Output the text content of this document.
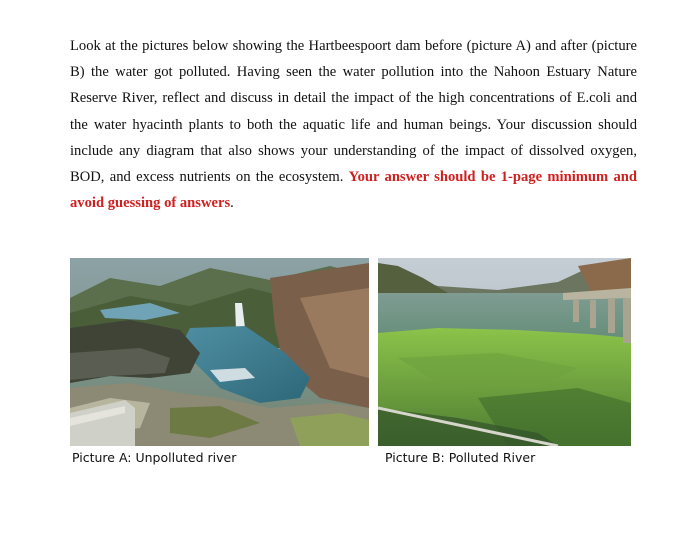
Look at the pictures below showing the Hartbeespoort dam before (picture A) and after (picture B) the water got polluted. Having seen the water pollution into the Nahoon Estuary Nature Reserve River, reflect and discuss in detail the impact of the high concentrations of E.coli and the water hyacinth plants to both the aquatic life and human beings. Your discussion should include any diagram that also shows your understanding of the impact of dissolved oxygen, BOD, and excess nutrients on the ecosystem. Your answer should be 1-page minimum and avoid guessing of answers.

Picture A: Unpolluted river	Picture B: Polluted River
